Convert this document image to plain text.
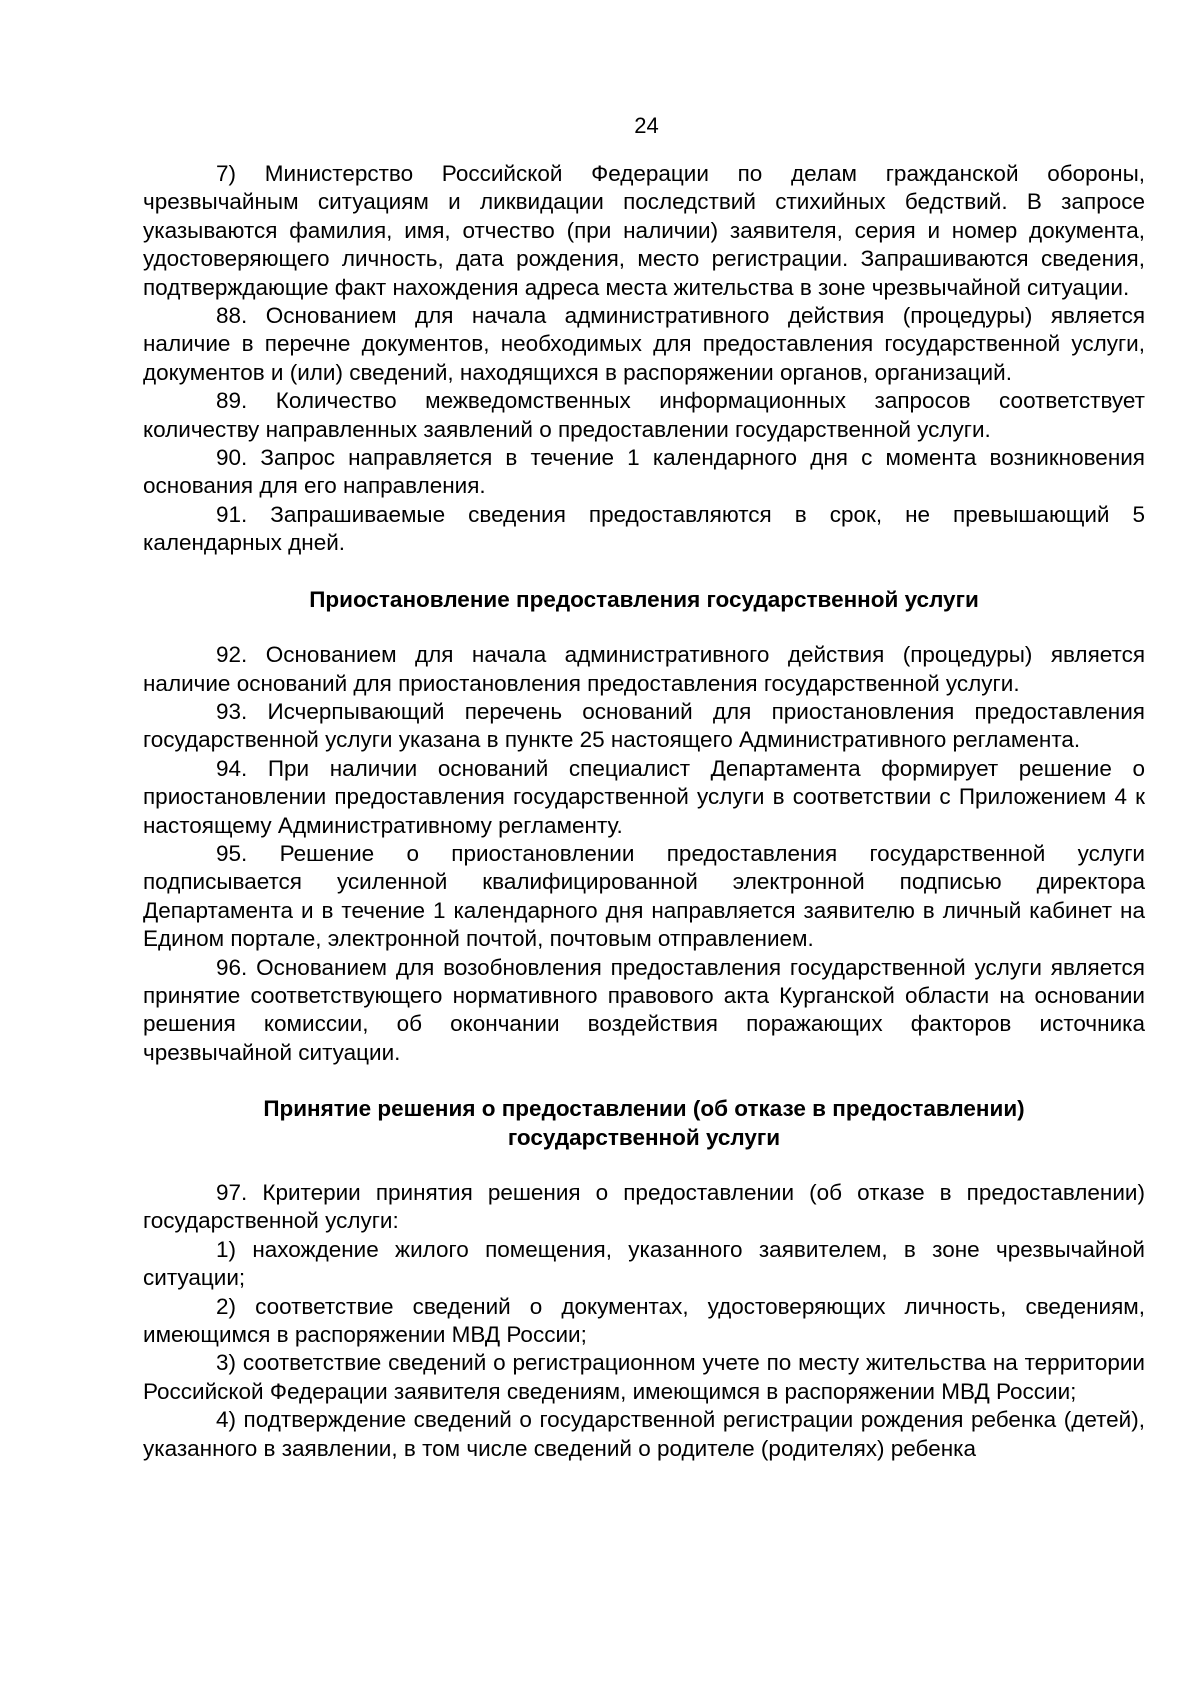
24

7) Министерство Российской Федерации по делам гражданской обороны, чрезвычайным ситуациям и ликвидации последствий стихийных бедствий. В запросе указываются фамилия, имя, отчество (при наличии) заявителя, серия и номер документа, удостоверяющего личность, дата рождения, место регистрации. Запрашиваются сведения, подтверждающие факт нахождения адреса места жительства в зоне чрезвычайной ситуации.

88. Основанием для начала административного действия (процедуры) является наличие в перечне документов, необходимых для предоставления государственной услуги, документов и (или) сведений, находящихся в распоряжении органов, организаций.

89. Количество межведомственных информационных запросов соответствует количеству направленных заявлений о предоставлении государственной услуги.

90. Запрос направляется в течение 1 календарного дня с момента возникновения основания для его направления.

91. Запрашиваемые сведения предоставляются в срок, не превышающий 5 календарных дней.

Приостановление предоставления государственной услуги

92. Основанием для начала административного действия (процедуры) является наличие оснований для приостановления предоставления государственной услуги.

93. Исчерпывающий перечень оснований для приостановления предоставления государственной услуги указана в пункте 25 настоящего Административного регламента.

94. При наличии оснований специалист Департамента формирует решение о приостановлении предоставления государственной услуги в соответствии с Приложением 4 к настоящему Административному регламенту.

95. Решение о приостановлении предоставления государственной услуги подписывается усиленной квалифицированной электронной подписью директора Департамента и в течение 1 календарного дня направляется заявителю в личный кабинет на Едином портале, электронной почтой, почтовым отправлением.

96. Основанием для возобновления предоставления государственной услуги является принятие соответствующего нормативного правового акта Курганской области на основании решения комиссии, об окончании воздействия поражающих факторов источника чрезвычайной ситуации.

Принятие решения о предоставлении (об отказе в предоставлении)
государственной услуги

97. Критерии принятия решения о предоставлении (об отказе в предоставлении) государственной услуги:

1) нахождение жилого помещения, указанного заявителем, в зоне чрезвычайной ситуации;

2) соответствие сведений о документах, удостоверяющих личность, сведениям, имеющимся в распоряжении МВД России;

3) соответствие сведений о регистрационном учете по месту жительства на территории Российской Федерации заявителя сведениям, имеющимся в распоряжении МВД России;

4) подтверждение сведений о государственной регистрации рождения ребенка (детей), указанного в заявлении, в том числе сведений о родителе (родителях) ребенка
